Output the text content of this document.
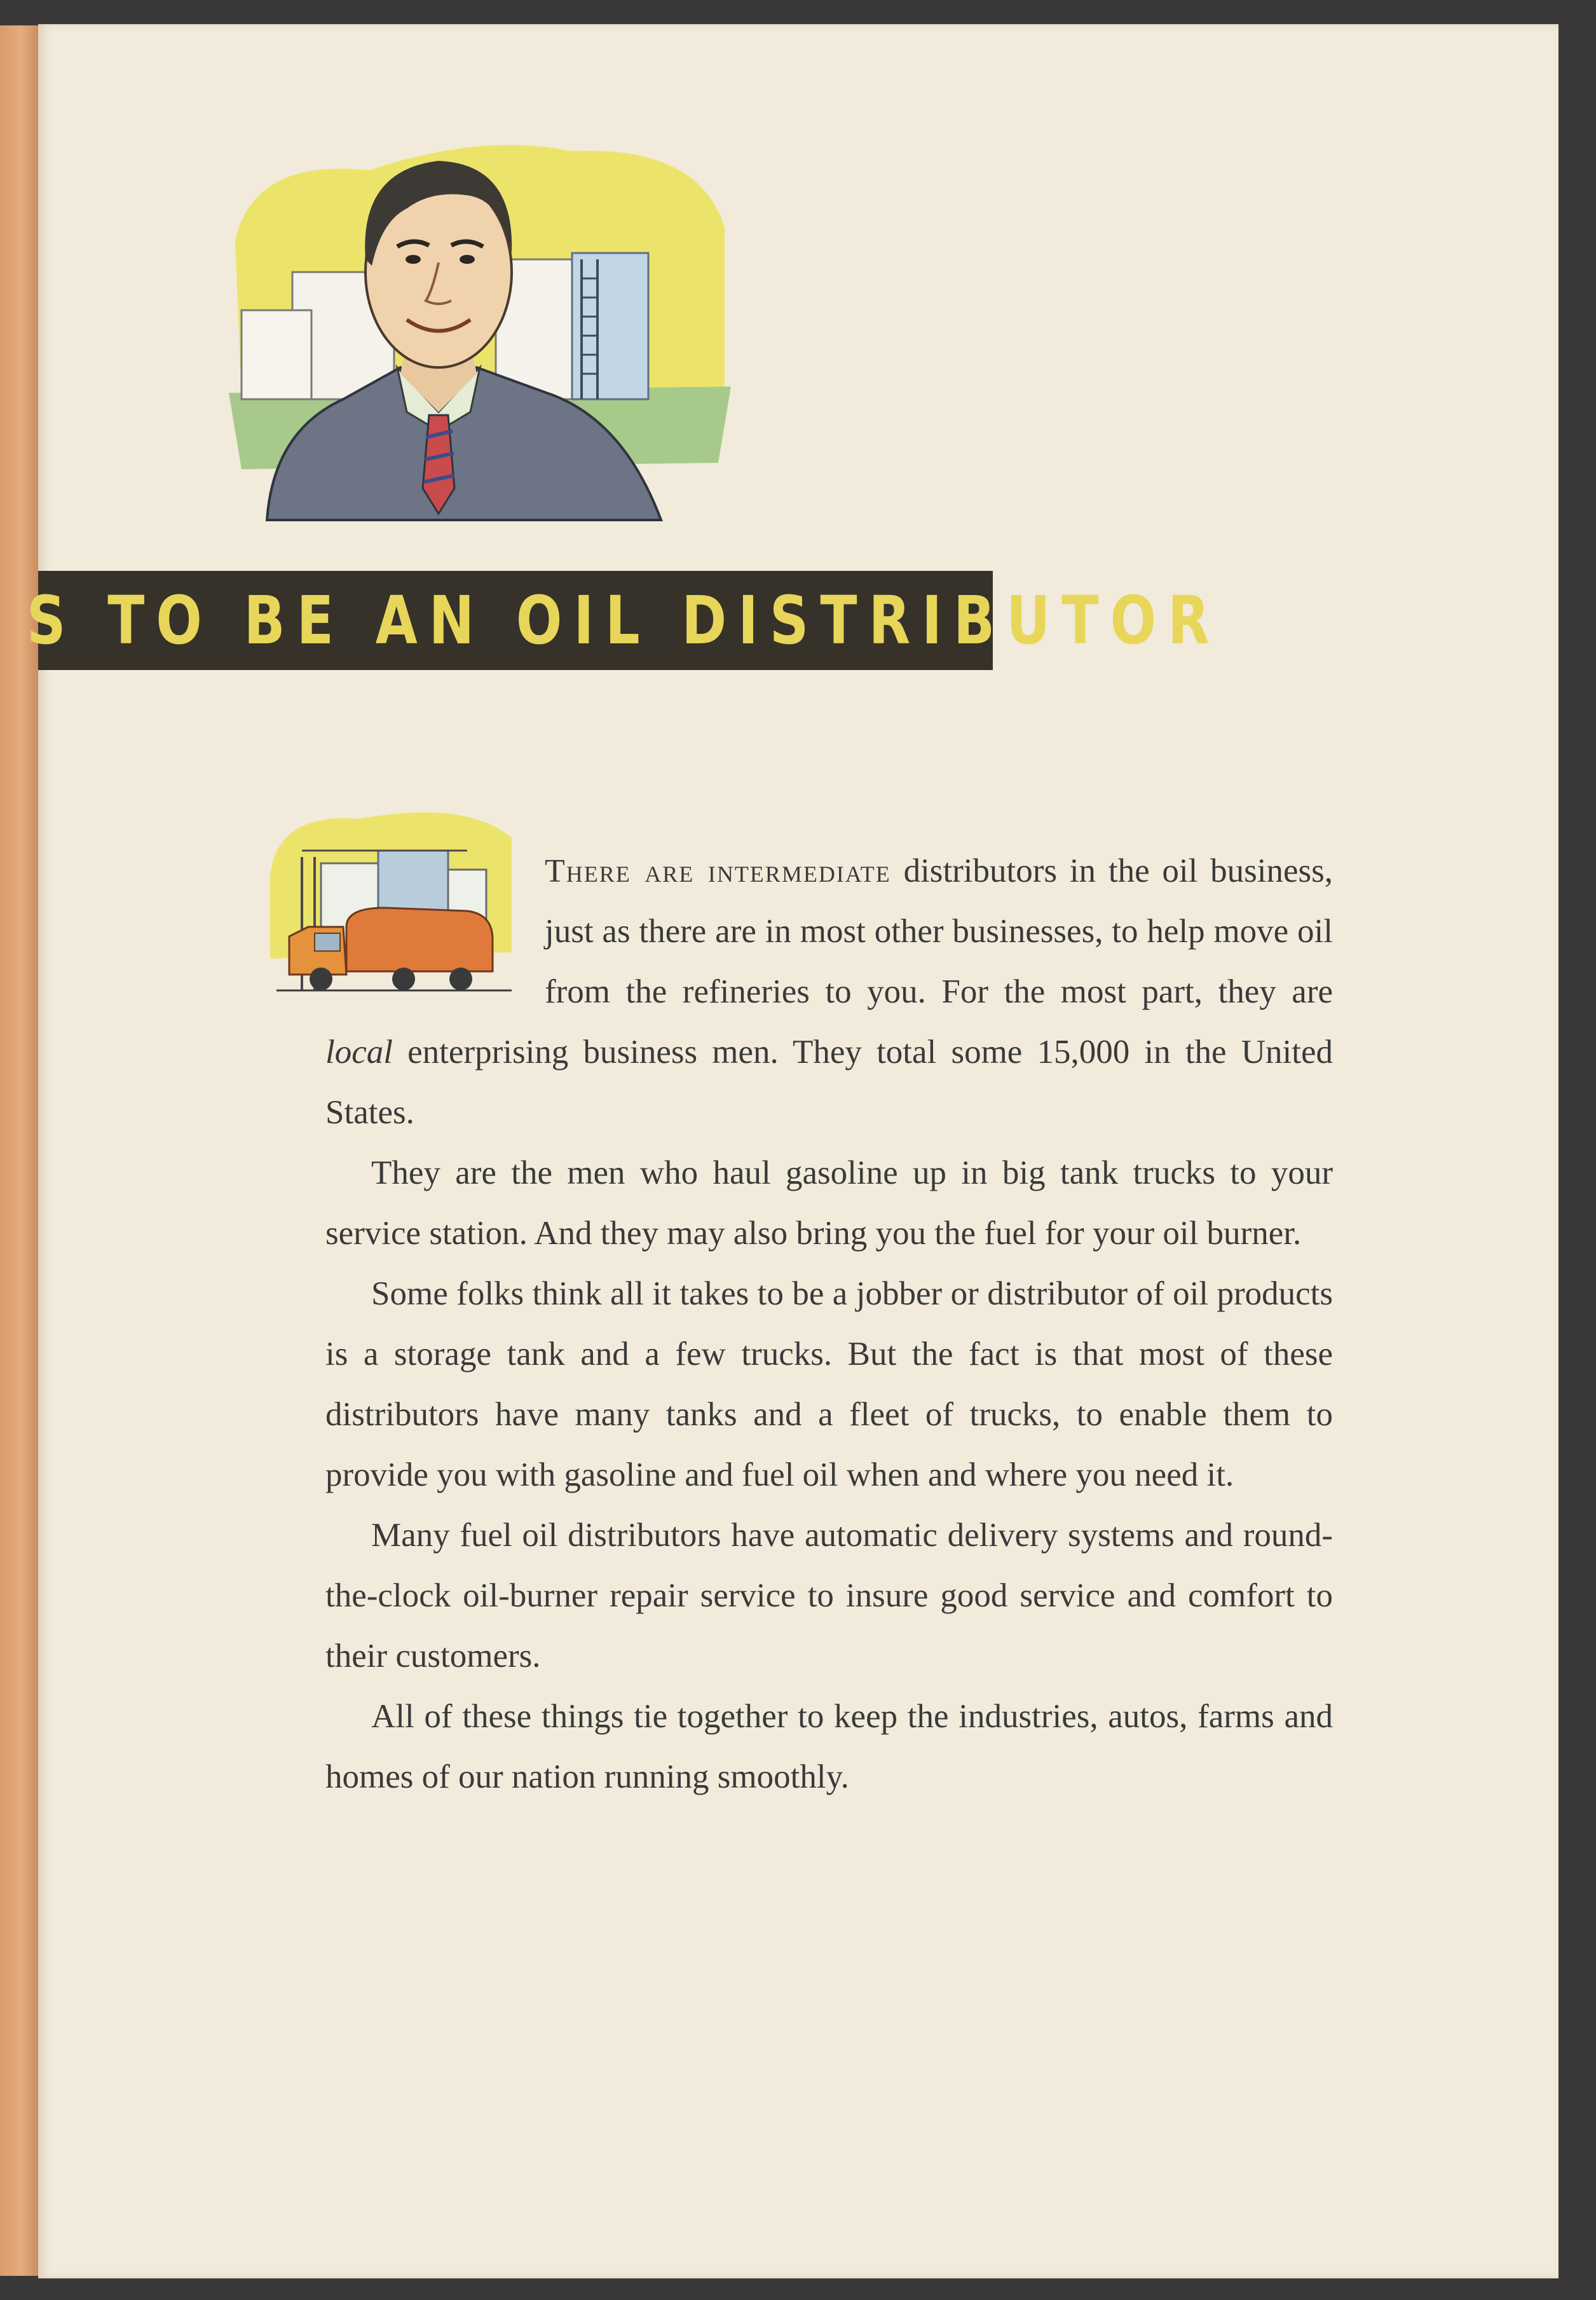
S TO BE AN OIL DISTRIBUTOR

There are intermediate distributors in the oil business, just as there are in most other businesses, to help move oil from the refineries to you. For the most part, they are local enterprising business men. They total some 15,000 in the United States.

They are the men who haul gasoline up in big tank trucks to your service station. And they may also bring you the fuel for your oil burner.

Some folks think all it takes to be a jobber or distributor of oil products is a storage tank and a few trucks. But the fact is that most of these distributors have many tanks and a fleet of trucks, to enable them to provide you with gasoline and fuel oil when and where you need it.

Many fuel oil distributors have automatic delivery systems and round-the-clock oil-burner repair service to insure good service and comfort to their customers.

All of these things tie together to keep the industries, autos, farms and homes of our nation running smoothly.
